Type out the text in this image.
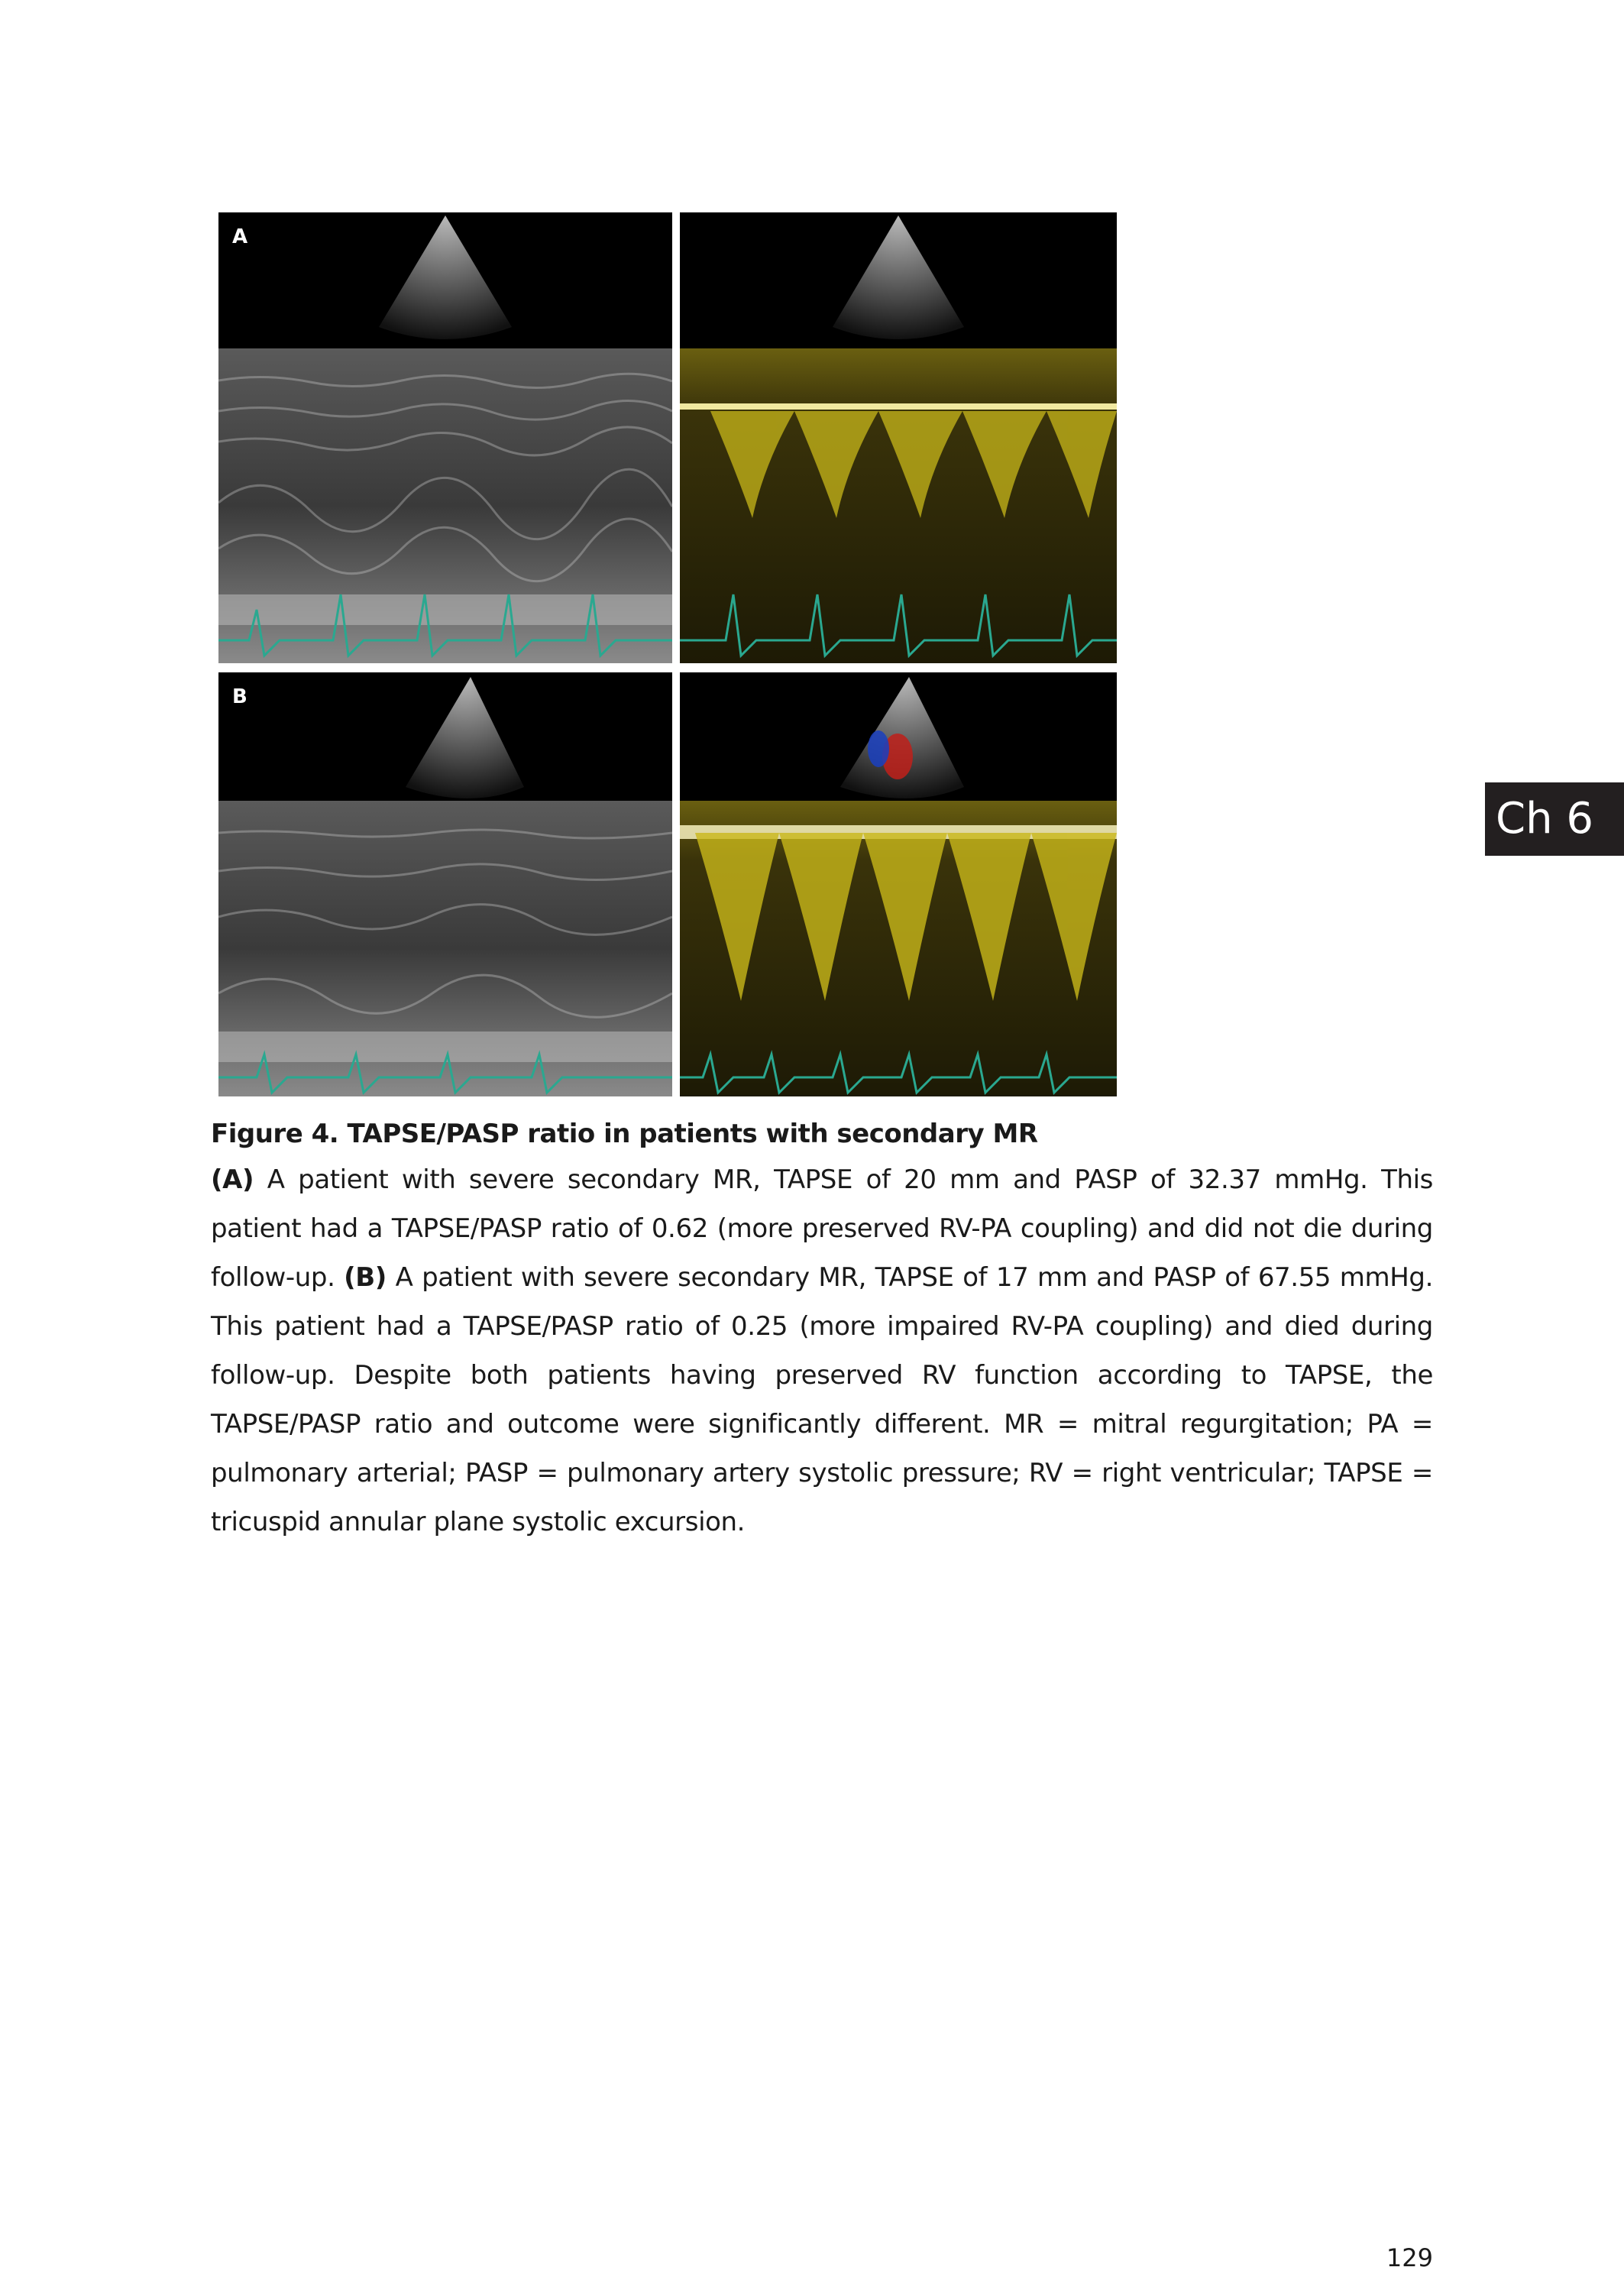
A
B

Figure 4. TAPSE/PASP ratio in patients with secondary MR

(A) A patient with severe secondary MR, TAPSE of 20 mm and PASP of 32.37 mmHg. This patient had a TAPSE/PASP ratio of 0.62 (more preserved RV-PA coupling) and did not die during follow-up. (B) A patient with severe secondary MR, TAPSE of 17 mm and PASP of 67.55 mmHg. This patient had a TAPSE/PASP ratio of 0.25 (more impaired RV-PA coupling) and died during follow-up. Despite both patients having preserved RV function according to TAPSE, the TAPSE/PASP ratio and outcome were significantly different. MR = mitral regurgitation; PA = pulmonary arterial; PASP = pulmonary artery systolic pressure; RV = right ventricular; TAPSE = tricuspid annular plane systolic excursion.

Ch 6
129
